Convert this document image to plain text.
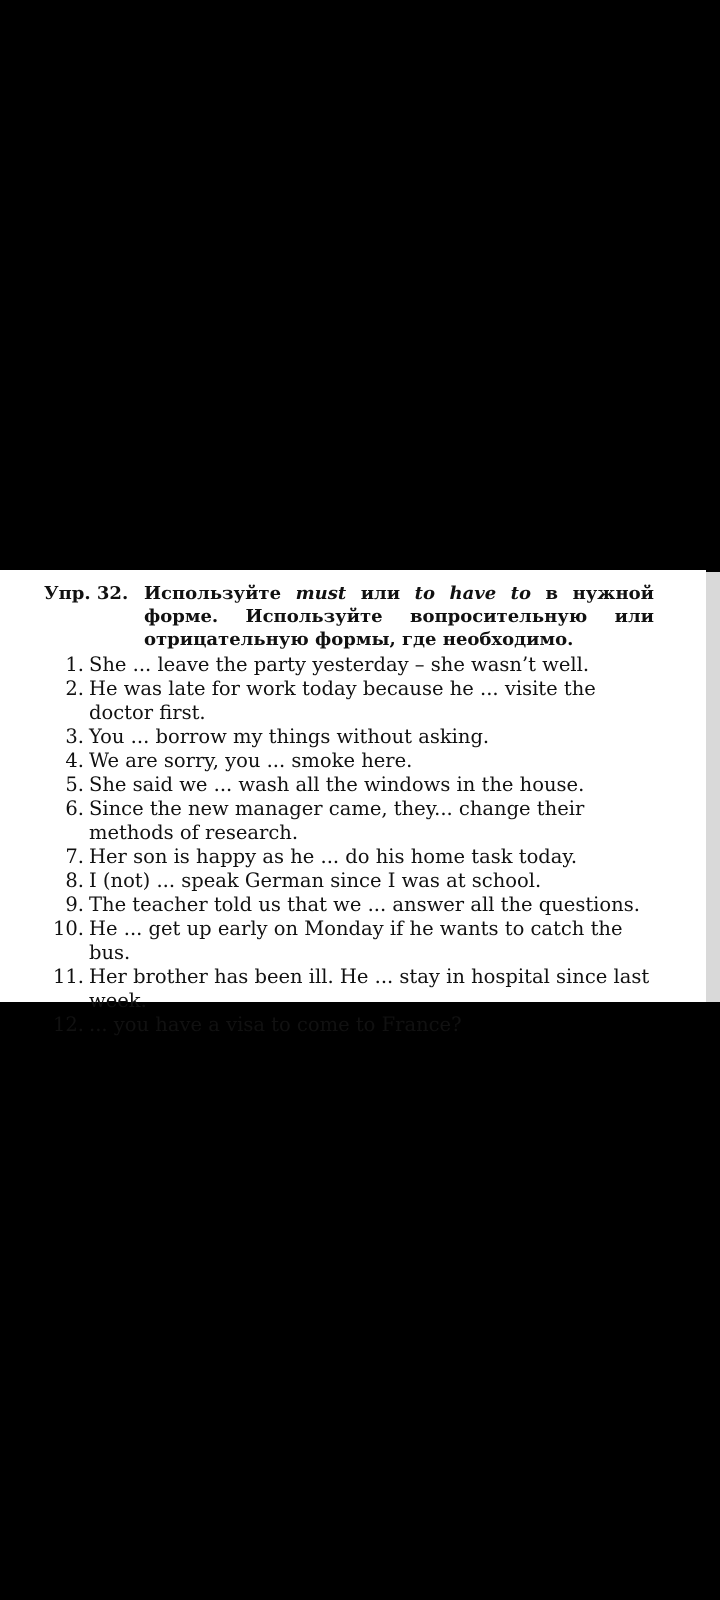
Упр. 32. Используйте must или to have to в нужной форме. Используйте вопросительную или отрицательную формы, где необходимо.
1. She ... leave the party yesterday – she wasn’t well.
2. He was late for work today because he ... visite the doctor first.
3. You ... borrow my things without asking.
4. We are sorry, you ... smoke here.
5. She said we ... wash all the windows in the house.
6. Since the new manager came, they... change their methods of research.
7. Her son is happy as he ... do his home task today.
8. I (not) ... speak German since I was at school.
9. The teacher told us that we ... answer all the questions.
10. He ... get up early on Monday if he wants to catch the bus.
11. Her brother has been ill. He ... stay in hospital since last week.
12. ... you have a visa to come to France?
